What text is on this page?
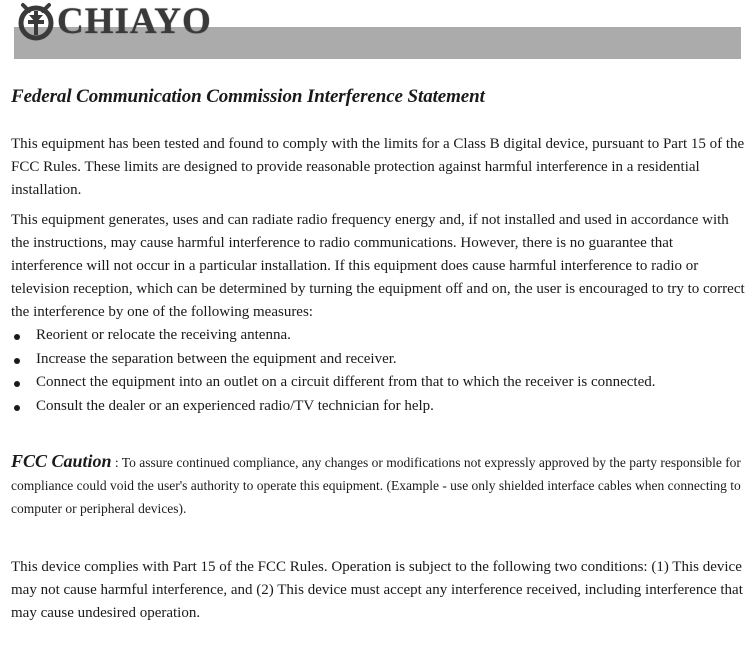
CHIAYO
Federal Communication Commission Interference Statement

This equipment has been tested and found to comply with the limits for a Class B digital device, pursuant to Part 15 of the FCC Rules. These limits are designed to provide reasonable protection against harmful interference in a residential installation.

This equipment generates, uses and can radiate radio frequency energy and, if not installed and used in accordance with the instructions, may cause harmful interference to radio communications. However, there is no guarantee that interference will not occur in a particular installation. If this equipment does cause harmful interference to radio or television reception, which can be determined by turning the equipment off and on, the user is encouraged to try to correct the interference by one of the following measures:

Reorient or relocate the receiving antenna.
Increase the separation between the equipment and receiver.
Connect the equipment into an outlet on a circuit different from that to which the receiver is connected.
Consult the dealer or an experienced radio/TV technician for help.

FCC Caution : To assure continued compliance, any changes or modifications not expressly approved by the party responsible for compliance could void the user's authority to operate this equipment. (Example - use only shielded interface cables when connecting to computer or peripheral devices).

This device complies with Part 15 of the FCC Rules. Operation is subject to the following two conditions: (1) This device may not cause harmful interference, and (2) This device must accept any interference received, including interference that may cause undesired operation.
